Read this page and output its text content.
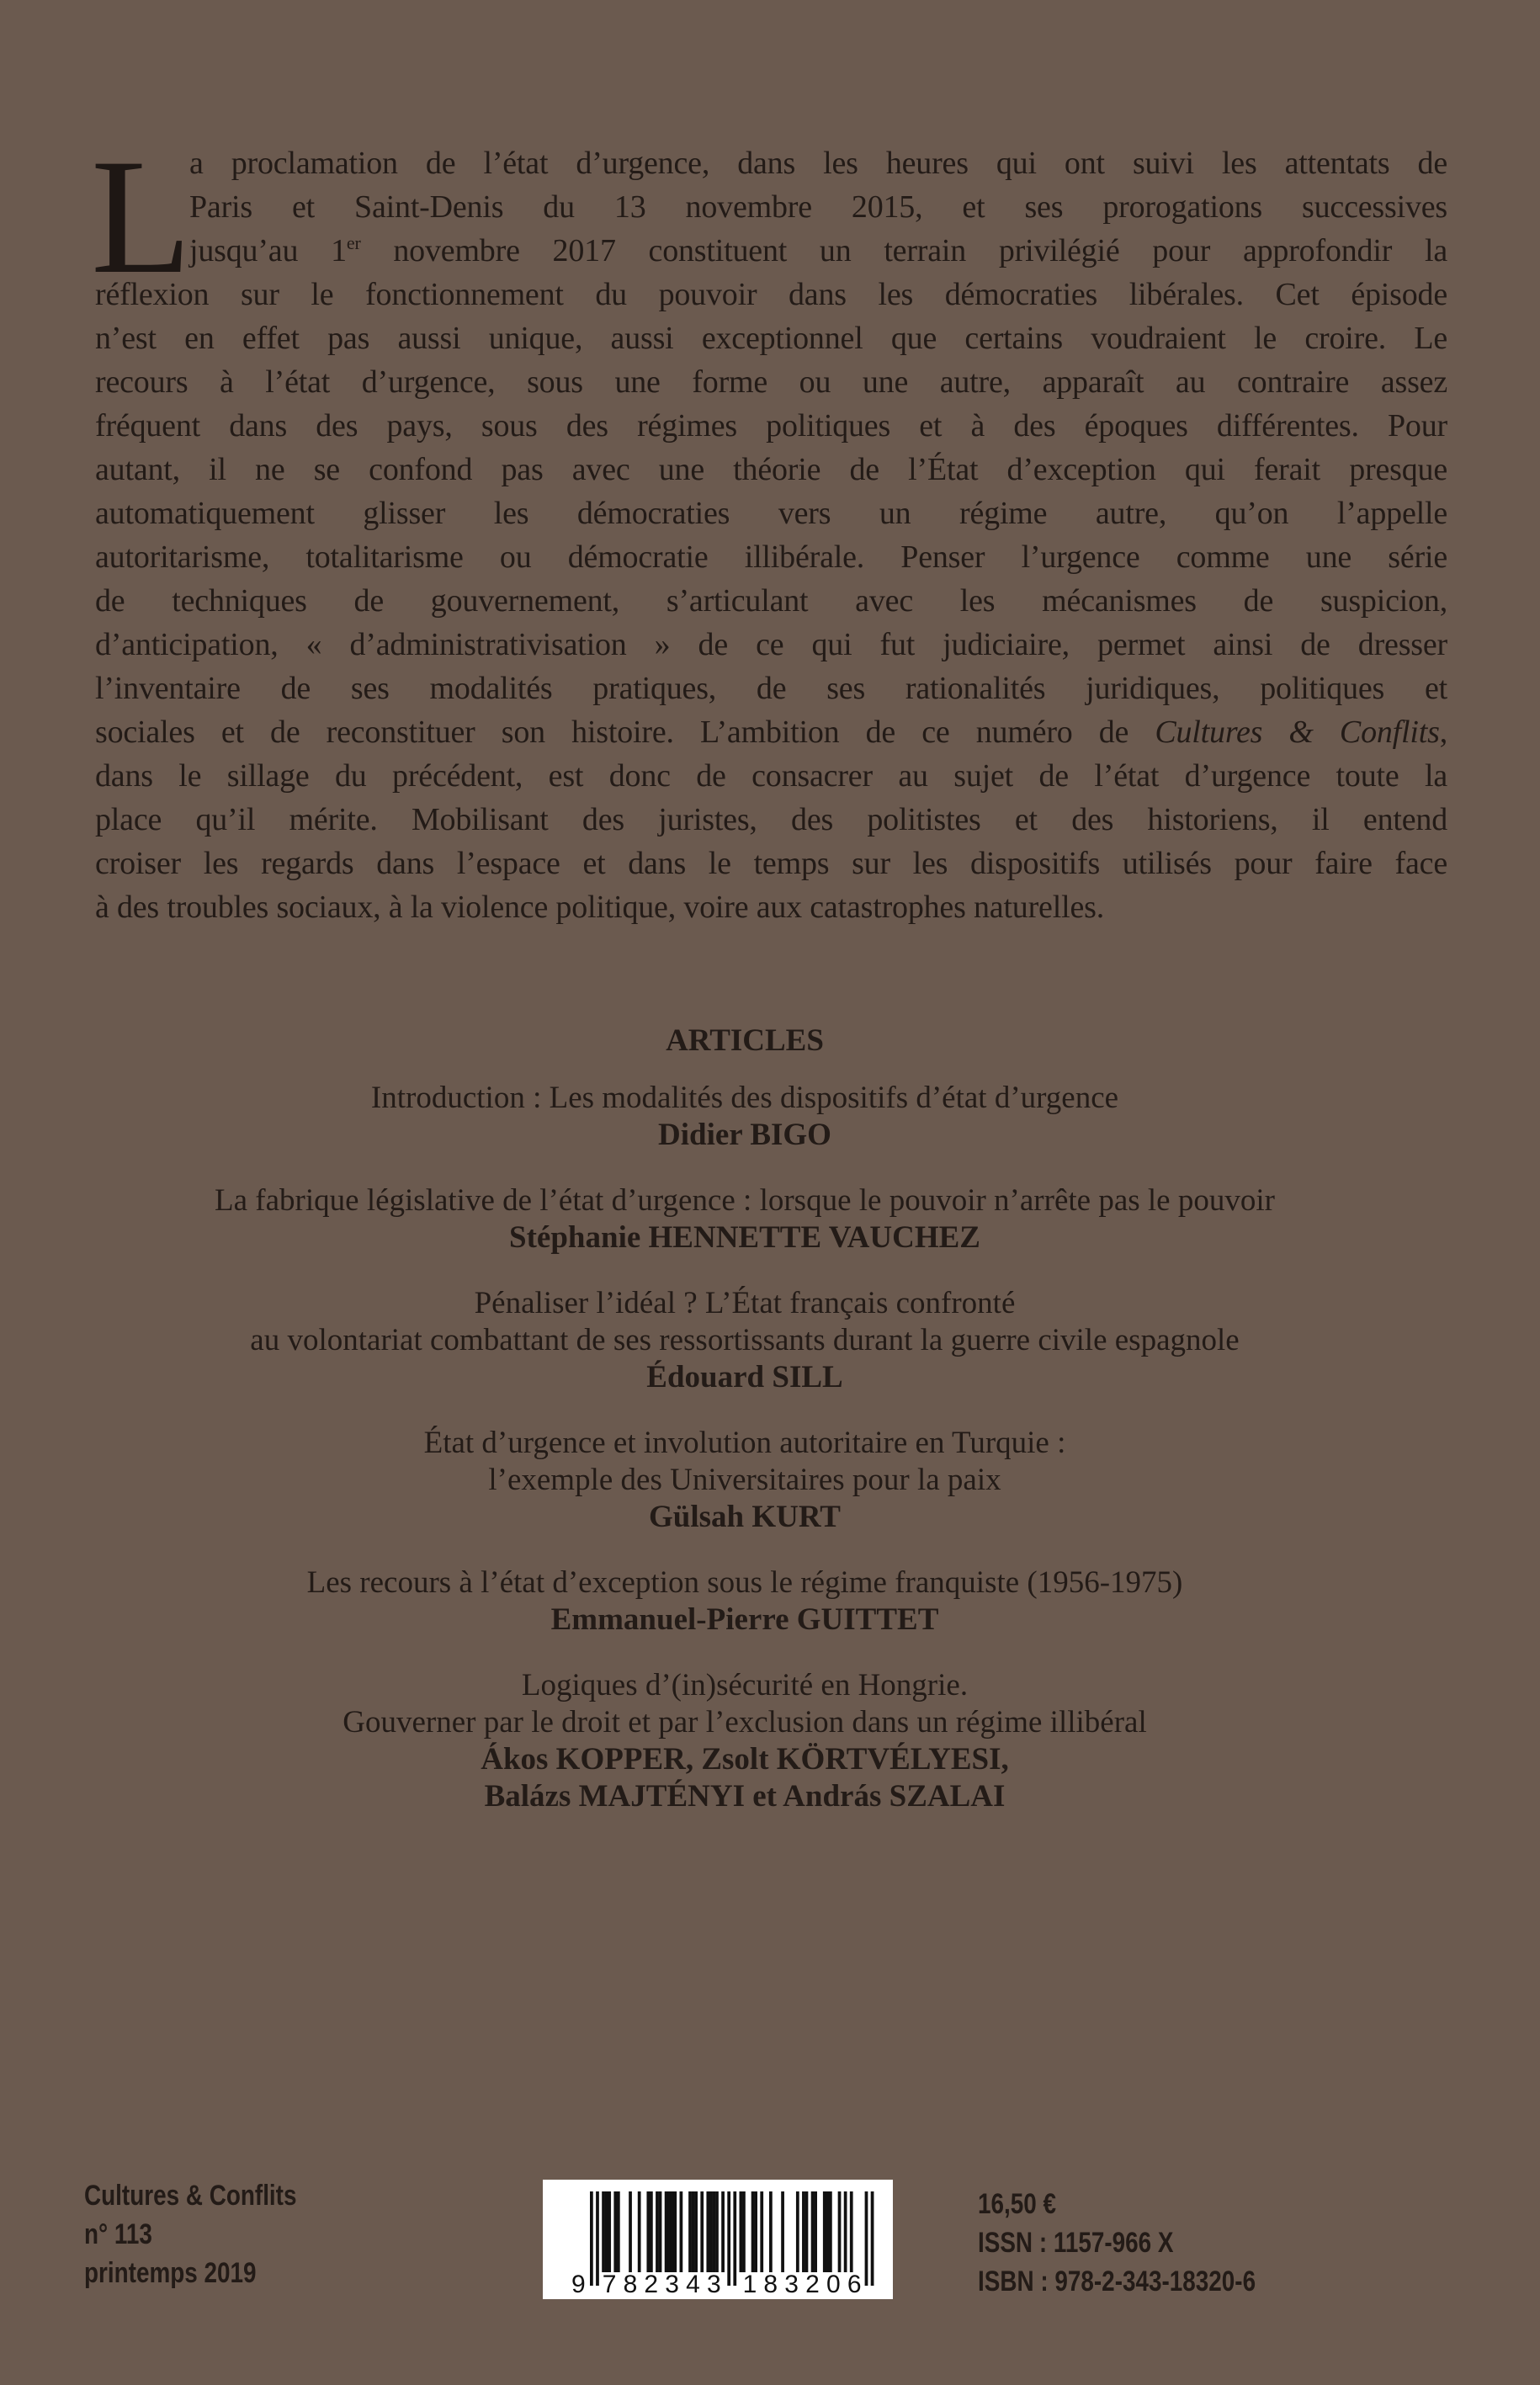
L
a proclamation de l’état d’urgence, dans les heures qui ont suivi les attentats de
Paris et Saint-Denis du 13 novembre 2015, et ses prorogations successives
jusqu’au 1er novembre 2017 constituent un terrain privilégié pour approfondir la
réflexion sur le fonctionnement du pouvoir dans les démocraties libérales. Cet épisode
n’est en effet pas aussi unique, aussi exceptionnel que certains voudraient le croire. Le
recours à l’état d’urgence, sous une forme ou une autre, apparaît au contraire assez
fréquent dans des pays, sous des régimes politiques et à des époques différentes. Pour
autant, il ne se confond pas avec une théorie de l’État d’exception qui ferait presque
automatiquement glisser les démocraties vers un régime autre, qu’on l’appelle
autoritarisme, totalitarisme ou démocratie illibérale. Penser l’urgence comme une série
de techniques de gouvernement, s’articulant avec les mécanismes de suspicion,
d’anticipation, « d’administrativisation » de ce qui fut judiciaire, permet ainsi de dresser
l’inventaire de ses modalités pratiques, de ses rationalités juridiques, politiques et
sociales et de reconstituer son histoire. L’ambition de ce numéro de Cultures & Conflits,
dans le sillage du précédent, est donc de consacrer au sujet de l’état d’urgence toute la
place qu’il mérite. Mobilisant des juristes, des politistes et des historiens, il entend
croiser les regards dans l’espace et dans le temps sur les dispositifs utilisés pour faire face
à des troubles sociaux, à la violence politique, voire aux catastrophes naturelles.
ARTICLES
Introduction : Les modalités des dispositifs d’état d’urgence
Didier BIGO
La fabrique législative de l’état d’urgence : lorsque le pouvoir n’arrête pas le pouvoir
Stéphanie HENNETTE VAUCHEZ
Pénaliser l’idéal ? L’État français confronté
au volontariat combattant de ses ressortissants durant la guerre civile espagnole
Édouard SILL
État d’urgence et involution autoritaire en Turquie :
l’exemple des Universitaires pour la paix
Gülsah KURT
Les recours à l’état d’exception sous le régime franquiste (1956-1975)
Emmanuel-Pierre GUITTET
Logiques d’(in)sécurité en Hongrie.
Gouverner par le droit et par l’exclusion dans un régime illibéral
Ákos KOPPER, Zsolt KÖRTVÉLYESI,
Balázs MAJTÉNYI et András SZALAI
Cultures & Conflits
n° 113
printemps 2019	9 7 8 2 3 4 3 1 8 3 2 0 6
16,50 €
ISSN : 1157-966 X
ISBN : 978-2-343-18320-6
